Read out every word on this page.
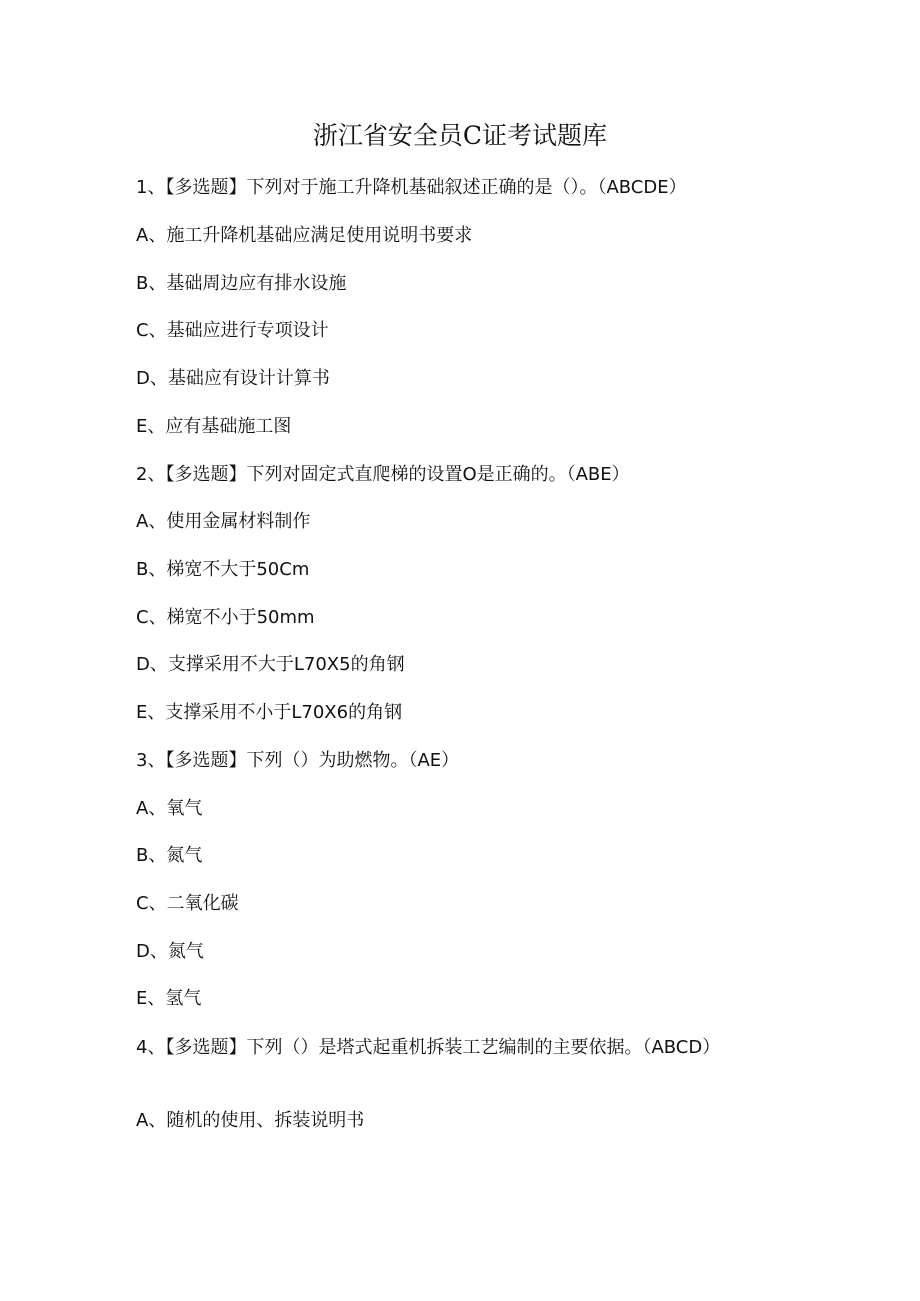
浙江省安全员C证考试题库
1、【多选题】下列对于施工升降机基础叙述正确的是（）。（ABCDE）
A、施工升降机基础应满足使用说明书要求
B、基础周边应有排水设施
C、基础应进行专项设计
D、基础应有设计计算书
E、应有基础施工图
2、【多选题】下列对固定式直爬梯的设置O是正确的。（ABE）
A、使用金属材料制作
B、梯宽不大于50Cm
C、梯宽不小于50mm
D、支撑采用不大于L70X5的角钢
E、支撑采用不小于L70X6的角钢
3、【多选题】下列（）为助燃物。（AE）
A、氧气
B、氮气
C、二氧化碳
D、氮气
E、氢气
4、【多选题】下列（）是塔式起重机拆装工艺编制的主要依据。（ABCD）
A、随机的使用、拆装说明书
